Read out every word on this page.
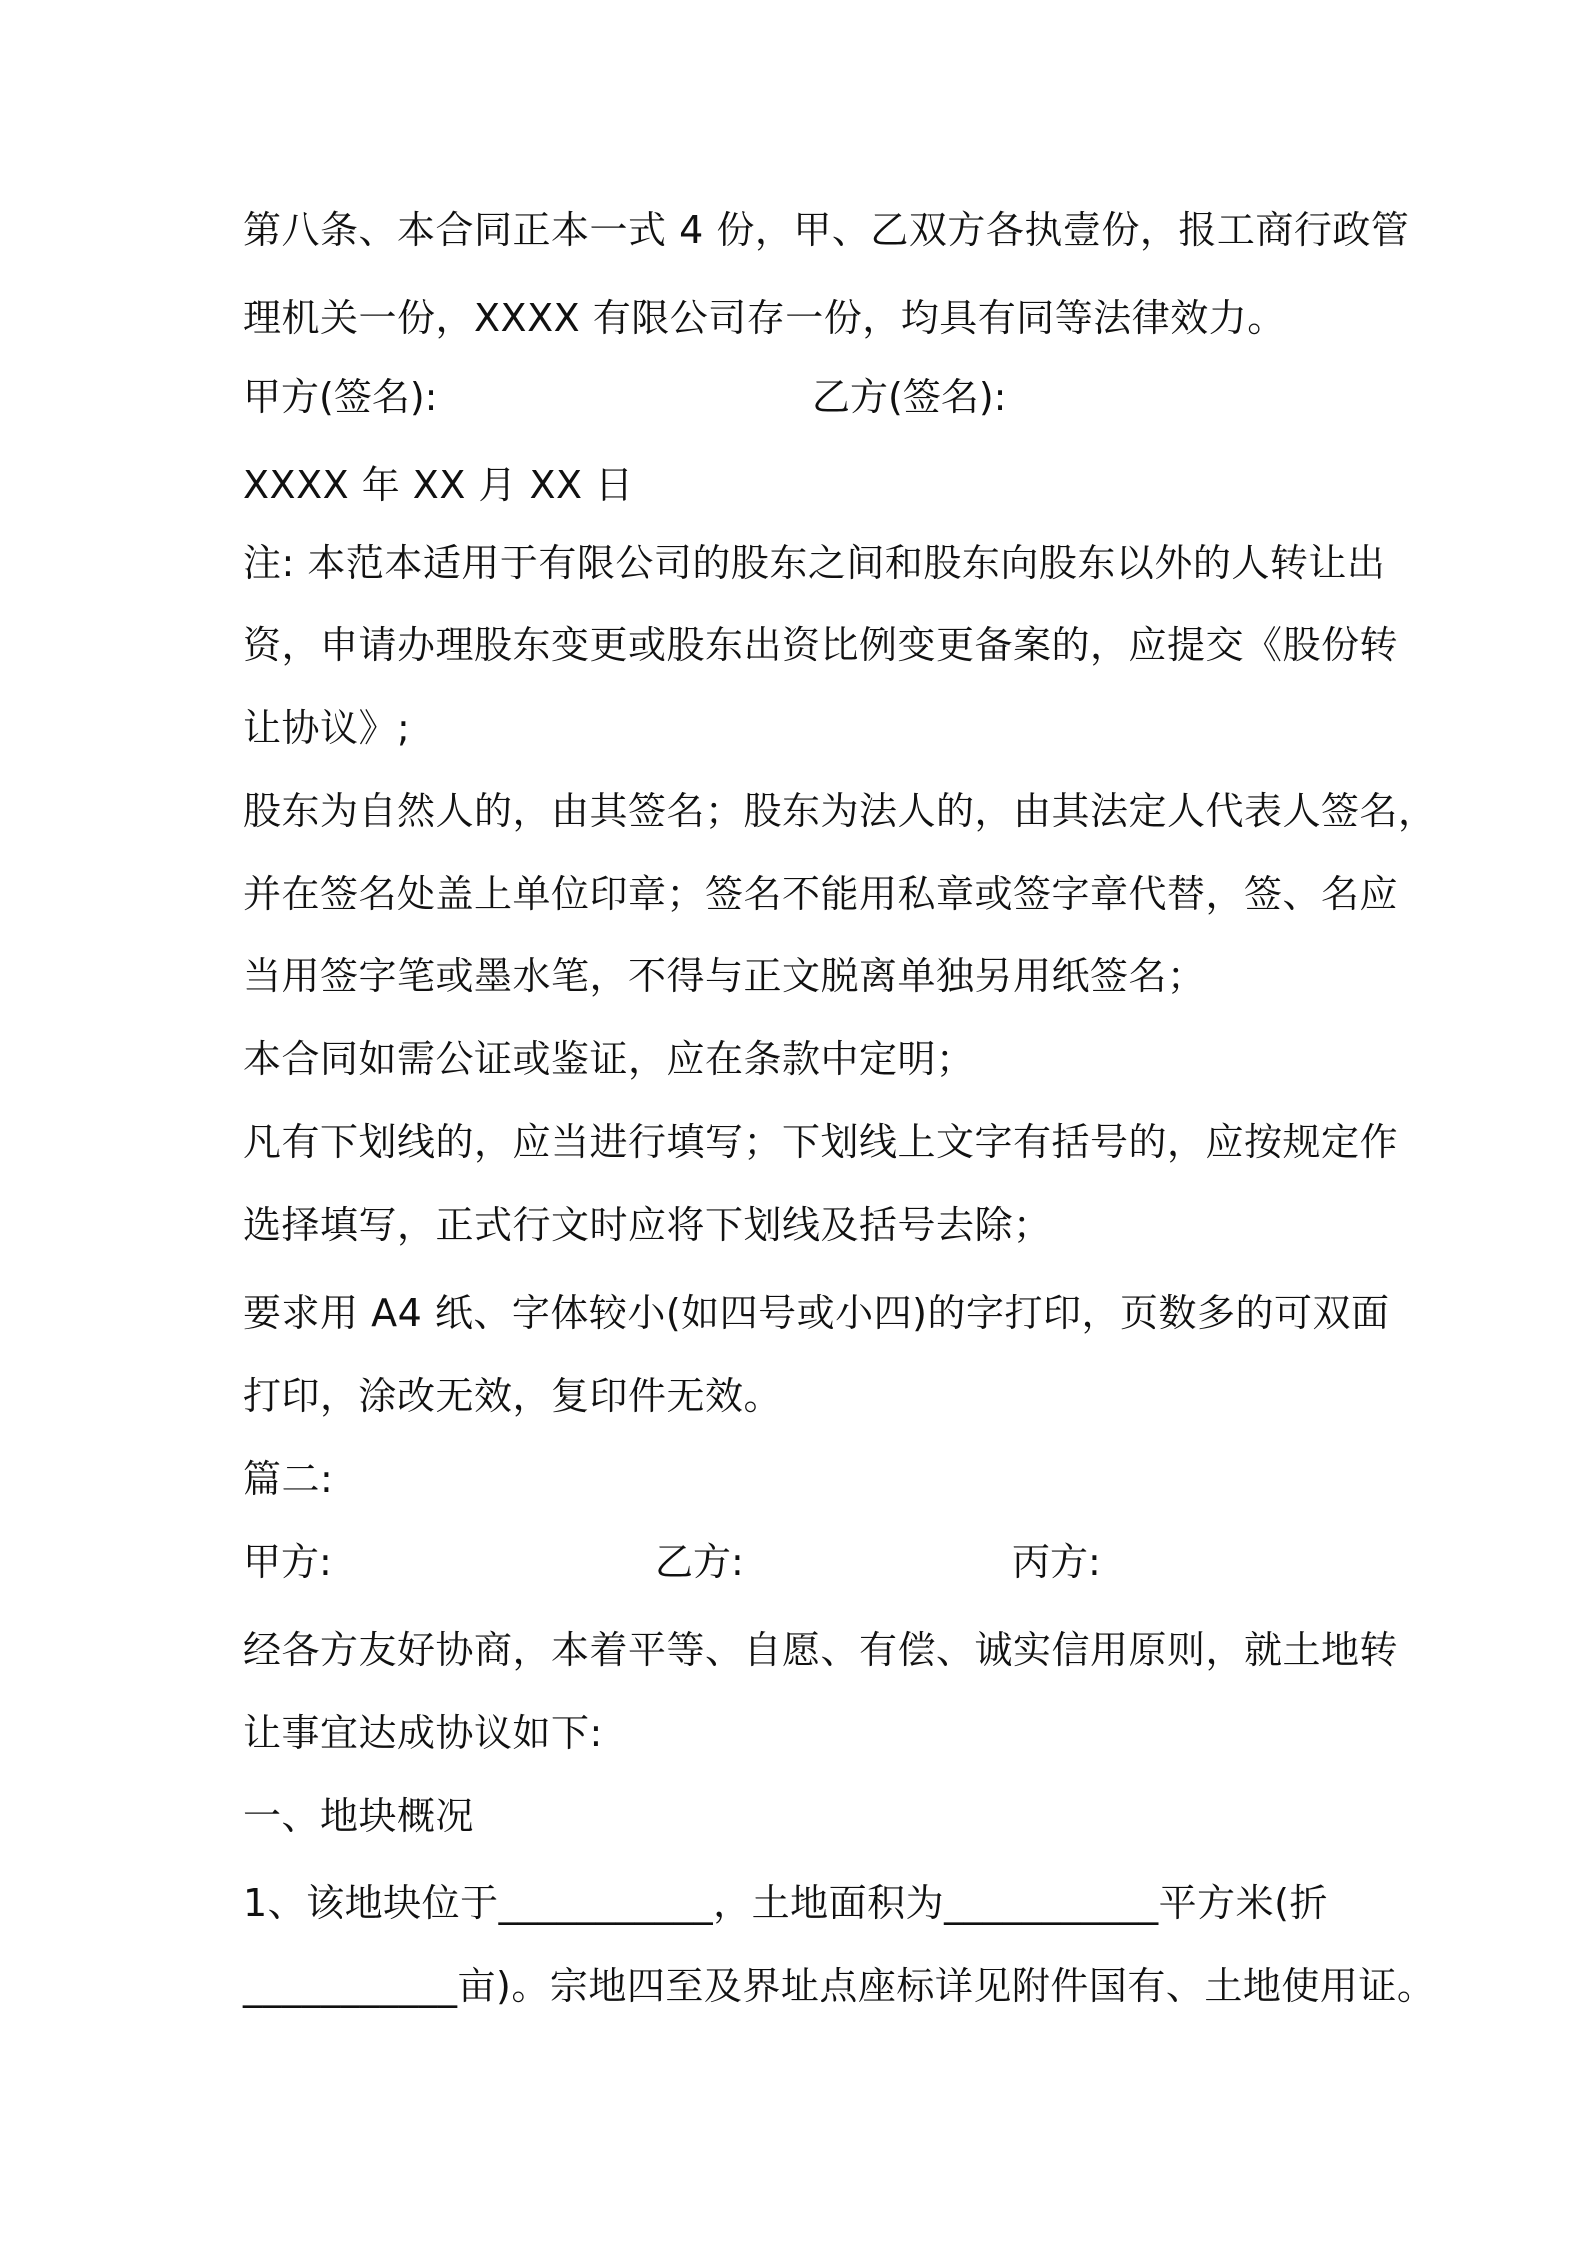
第八条、本合同正本一式 4 份，甲、乙双方各执壹份，报工商行政管
理机关一份，XXXX 有限公司存一份，均具有同等法律效力。
甲方(签名):	乙方(签名):
XXXX 年 XX 月 XX 日
注: 本范本适用于有限公司的股东之间和股东向股东以外的人转让出
资，申请办理股东变更或股东出资比例变更备案的，应提交《股份转
让协议》;
股东为自然人的，由其签名；股东为法人的，由其法定人代表人签名，
并在签名处盖上单位印章；签名不能用私章或签字章代替，签、名应
当用签字笔或墨水笔，不得与正文脱离单独另用纸签名；
本合同如需公证或鉴证，应在条款中定明；
凡有下划线的，应当进行填写；下划线上文字有括号的，应按规定作
选择填写，正式行文时应将下划线及括号去除；
要求用 A4 纸、字体较小(如四号或小四)的字打印，页数多的可双面
打印，涂改无效，复印件无效。
篇二:
甲方:	乙方:	丙方:
经各方友好协商，本着平等、自愿、有偿、诚实信用原则，就土地转
让事宜达成协议如下:
一、地块概况
1、该地块位于___________，土地面积为___________平方米(折
___________亩)。宗地四至及界址点座标详见附件国有、土地使用证。
